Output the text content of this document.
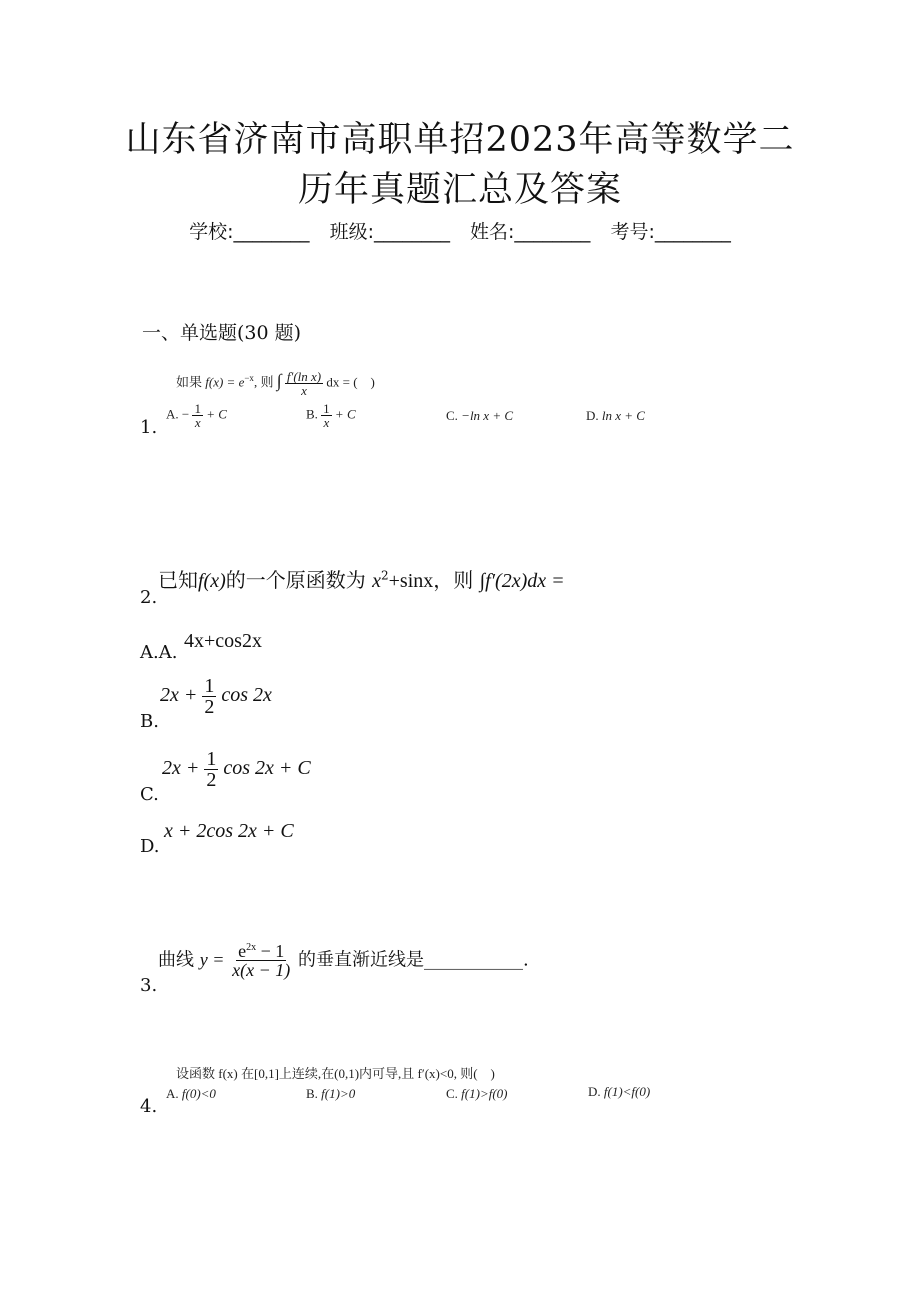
山东省济南市高职单招2023年高等数学二
历年真题汇总及答案
学校:________ 班级:________ 姓名:________ 考号:________
一、单选题(30 题)
如果 $f(x) = e^{-x}$, 则 ∫ $\frac{\text{f′(ln x)}}{x}$ dx = (　)
1.
A. − $\frac{1}{x} + C$	B. $\frac{1}{x} + C$	C. −ln x + C	D. ln x + C
已知f(x)的一个原函数为 $x^2+\sin x$，则 ∫f′(2x)dx =
2.
A.A.
4x+cos2x
B.
$2x + \frac{1}{2}$ cos 2x
C.
$2x + \frac{1}{2}$ cos 2x + C
D.
x + 2cos 2x + C
曲线 $y = \frac{e^{2x} - 1}{x(x - 1)}$ 的垂直渐近线是___________.
3.
设函数 f(x) 在[0,1]上连续,在(0,1)内可导,且 f′(x)<0, 则(　)
4.
A. f(0)<0	B. f(1)>0	C. f(1)>f(0)	D. f(1)<f(0)
